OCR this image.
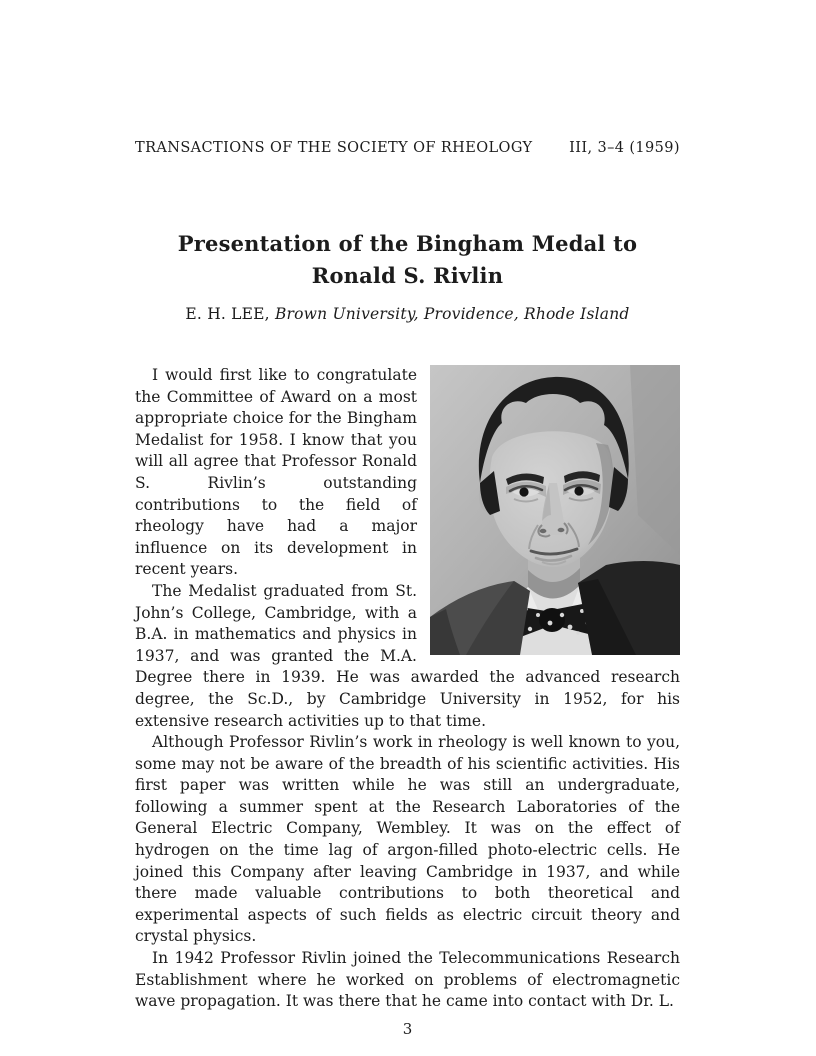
TRANSACTIONS OF THE SOCIETY OF RHEOLOGY	III, 3–4 (1959)
Presentation of the Bingham Medal to
Ronald S. Rivlin
E. H. LEE, Brown University, Providence, Rhode Island

I would first like to congratulate the Committee of Award on a most appropriate choice for the Bingham Medalist for 1958. I know that you will all agree that Professor Ronald S. Rivlin’s outstanding contributions to the field of rheology have had a major influence on its development in recent years.

The Medalist graduated from St. John’s College, Cambridge, with a B.A. in mathematics and physics in 1937, and was granted the M.A. Degree there in 1939. He was awarded the advanced research degree, the Sc.D., by Cambridge University in 1952, for his extensive research activities up to that time.

Although Professor Rivlin’s work in rheology is well known to you, some may not be aware of the breadth of his scientific activities. His first paper was written while he was still an undergraduate, following a summer spent at the Research Laboratories of the General Electric Company, Wembley. It was on the effect of hydrogen on the time lag of argon-filled photo-electric cells. He joined this Company after leaving Cambridge in 1937, and while there made valuable contributions to both theoretical and experimental aspects of such fields as electric circuit theory and crystal physics.

In 1942 Professor Rivlin joined the Telecommunications Research Establishment where he worked on problems of electromagnetic wave propagation. It was there that he came into contact with Dr. L.

3
